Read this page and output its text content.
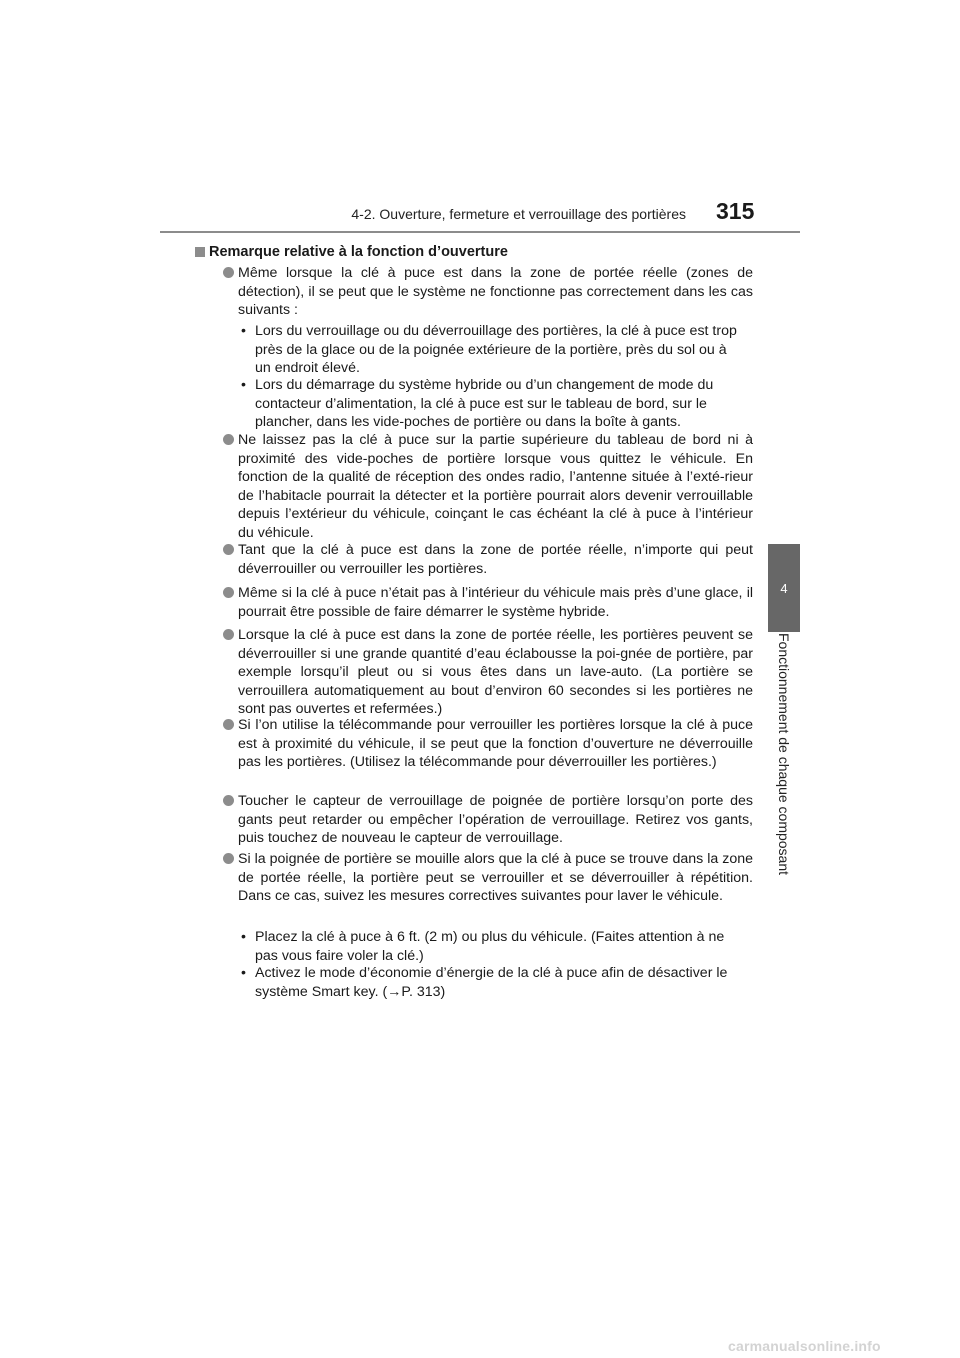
4-2. Ouverture, fermeture et verrouillage des portières 315
4
Fonctionnement de chaque composant
Remarque relative à la fonction d’ouverture
Même lorsque la clé à puce est dans la zone de portée réelle (zones de détection), il se peut que le système ne fonctionne pas correctement dans les cas suivants :
• Lors du verrouillage ou du déverrouillage des portières, la clé à puce est trop près de la glace ou de la poignée extérieure de la portière, près du sol ou à un endroit élevé.
• Lors du démarrage du système hybride ou d’un changement de mode du contacteur d’alimentation, la clé à puce est sur le tableau de bord, sur le plancher, dans les vide-poches de portière ou dans la boîte à gants.
Ne laissez pas la clé à puce sur la partie supérieure du tableau de bord ni à proximité des vide-poches de portière lorsque vous quittez le véhicule. En fonction de la qualité de réception des ondes radio, l’antenne située à l’exté-rieur de l’habitacle pourrait la détecter et la portière pourrait alors devenir verrouillable depuis l’extérieur du véhicule, coinçant le cas échéant la clé à puce à l’intérieur du véhicule.
Tant que la clé à puce est dans la zone de portée réelle, n’importe qui peut déverrouiller ou verrouiller les portières.
Même si la clé à puce n’était pas à l’intérieur du véhicule mais près d’une glace, il pourrait être possible de faire démarrer le système hybride.
Lorsque la clé à puce est dans la zone de portée réelle, les portières peuvent se déverrouiller si une grande quantité d’eau éclabousse la poi-gnée de portière, par exemple lorsqu’il pleut ou si vous êtes dans un lave-auto. (La portière se verrouillera automatiquement au bout d’environ 60 secondes si les portières ne sont pas ouvertes et refermées.)
Si l’on utilise la télécommande pour verrouiller les portières lorsque la clé à puce est à proximité du véhicule, il se peut que la fonction d’ouverture ne déverrouille pas les portières. (Utilisez la télécommande pour déverrouiller les portières.)
Toucher le capteur de verrouillage de poignée de portière lorsqu’on porte des gants peut retarder ou empêcher l’opération de verrouillage. Retirez vos gants, puis touchez de nouveau le capteur de verrouillage.
Si la poignée de portière se mouille alors que la clé à puce se trouve dans la zone de portée réelle, la portière peut se verrouiller et se déverrouiller à répétition. Dans ce cas, suivez les mesures correctives suivantes pour laver le véhicule.
• Placez la clé à puce à 6 ft. (2 m) ou plus du véhicule. (Faites attention à ne pas vous faire voler la clé.)
• Activez le mode d’économie d’énergie de la clé à puce afin de désactiver le système Smart key. (→P. 313)
carmanualsonline.info
